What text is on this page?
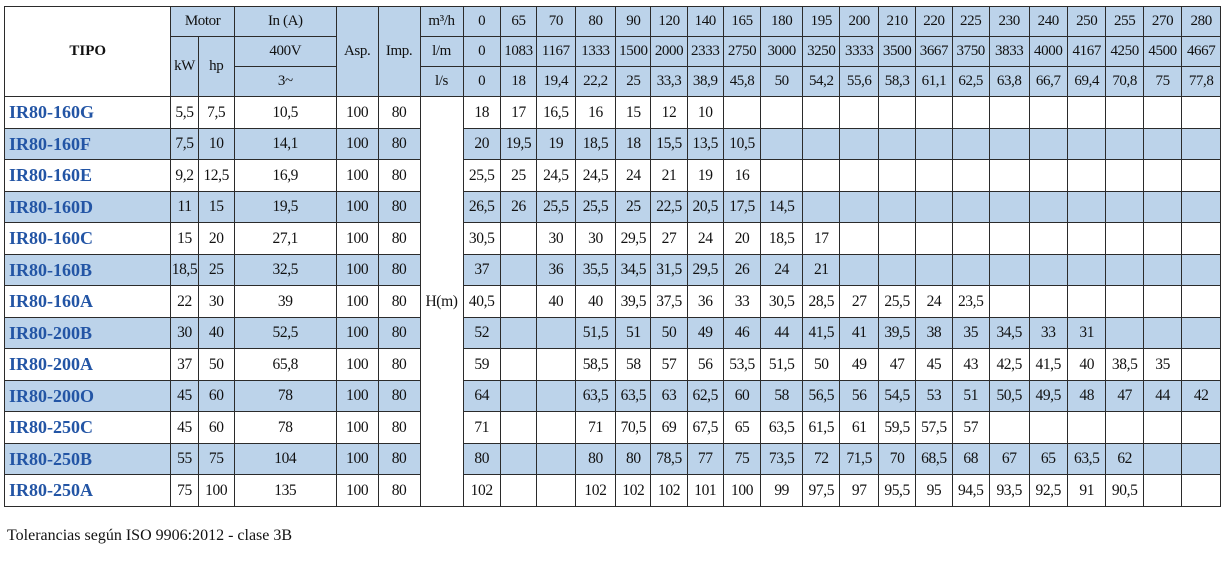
TIPO	Motor		In (A)	Asp.	Imp.	m³/h	0	65	70	80	90	120	140	165	180	195	200	210	220	225	230	240	250	255	270	280
	kW	hp	400V			l/m	0	1083	1167	1333	1500	2000	2333	2750	3000	3250	3333	3500	3667	3750	3833	4000	4167	4250	4500	4667
			3~			l/s	0	18	19,4	22,2	25	33,3	38,9	45,8	50	54,2	55,6	58,3	61,1	62,5	63,8	66,7	69,4	70,8	75	77,8
IR80-160G	5,5	7,5	10,5	100	80	H(m)	18	17	16,5	16	15	12	10													
IR80-160F	7,5	10	14,1	100	80		20	19,5	19	18,5	18	15,5	13,5	10,5												
IR80-160E	9,2	12,5	16,9	100	80		25,5	25	24,5	24,5	24	21	19	16												
IR80-160D	11	15	19,5	100	80		26,5	26	25,5	25,5	25	22,5	20,5	17,5	14,5											
IR80-160C	15	20	27,1	100	80		30,5		30	30	29,5	27	24	20	18,5	17										
IR80-160B	18,5	25	32,5	100	80		37		36	35,5	34,5	31,5	29,5	26	24	21										
IR80-160A	22	30	39	100	80		40,5		40	40	39,5	37,5	36	33	30,5	28,5	27	25,5	24	23,5						
IR80-200B	30	40	52,5	100	80		52			51,5	51	50	49	46	44	41,5	41	39,5	38	35	34,5	33	31			
IR80-200A	37	50	65,8	100	80		59			58,5	58	57	56	53,5	51,5	50	49	47	45	43	42,5	41,5	40	38,5	35	
IR80-200O	45	60	78	100	80		64			63,5	63,5	63	62,5	60	58	56,5	56	54,5	53	51	50,5	49,5	48	47	44	42
IR80-250C	45	60	78	100	80		71			71	70,5	69	67,5	65	63,5	61,5	61	59,5	57,5	57						
IR80-250B	55	75	104	100	80		80			80	80	78,5	77	75	73,5	72	71,5	70	68,5	68	67	65	63,5	62		
IR80-250A	75	100	135	100	80		102			102	102	102	101	100	99	97,5	97	95,5	95	94,5	93,5	92,5	91	90,5		
Tolerancias según ISO 9906:2012 - clase 3B
